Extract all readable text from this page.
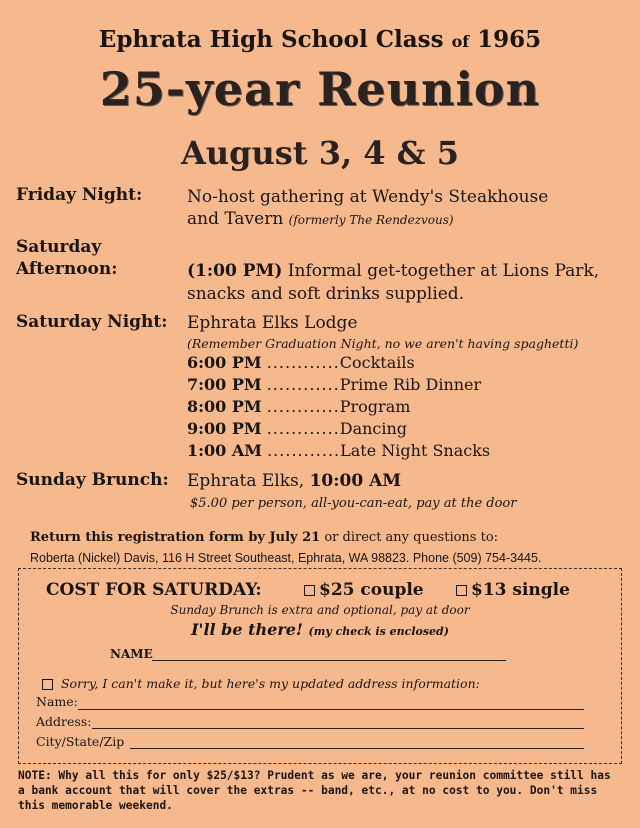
Ephrata High School Class of 1965
25-year Reunion
August 3, 4 & 5
Friday Night:	No-host gathering at Wendy's Steakhouse
and Tavern (formerly The Rendezvous)
Saturday
Afternoon:	(1:00 PM) Informal get-together at Lions Park,
snacks and soft drinks supplied.
Saturday Night: Ephrata Elks Lodge
(Remember Graduation Night, no we aren't having spaghetti)
6:00 PM ............Cocktails
7:00 PM ............Prime Rib Dinner
8:00 PM ............Program
9:00 PM ............Dancing
1:00 AM ............Late Night Snacks
Sunday Brunch: Ephrata Elks, 10:00 AM
$5.00 per person, all-you-can-eat, pay at the door
Return this registration form by July 21 or direct any questions to:
Roberta (Nickel) Davis, 116 H Street Southeast, Ephrata, WA 98823. Phone (509) 754-3445.
COST FOR SATURDAY:	$25 couple	$13 single
Sunday Brunch is extra and optional, pay at door
I'll be there! (my check is enclosed)
NAME
Sorry, I can't make it, but here's my updated address information:
Name:
Address:
City/State/Zip
NOTE: Why all this for only $25/$13? Prudent as we are, your reunion committee still has a bank account that will cover the extras -- band, etc., at no cost to you. Don't miss this memorable weekend.
